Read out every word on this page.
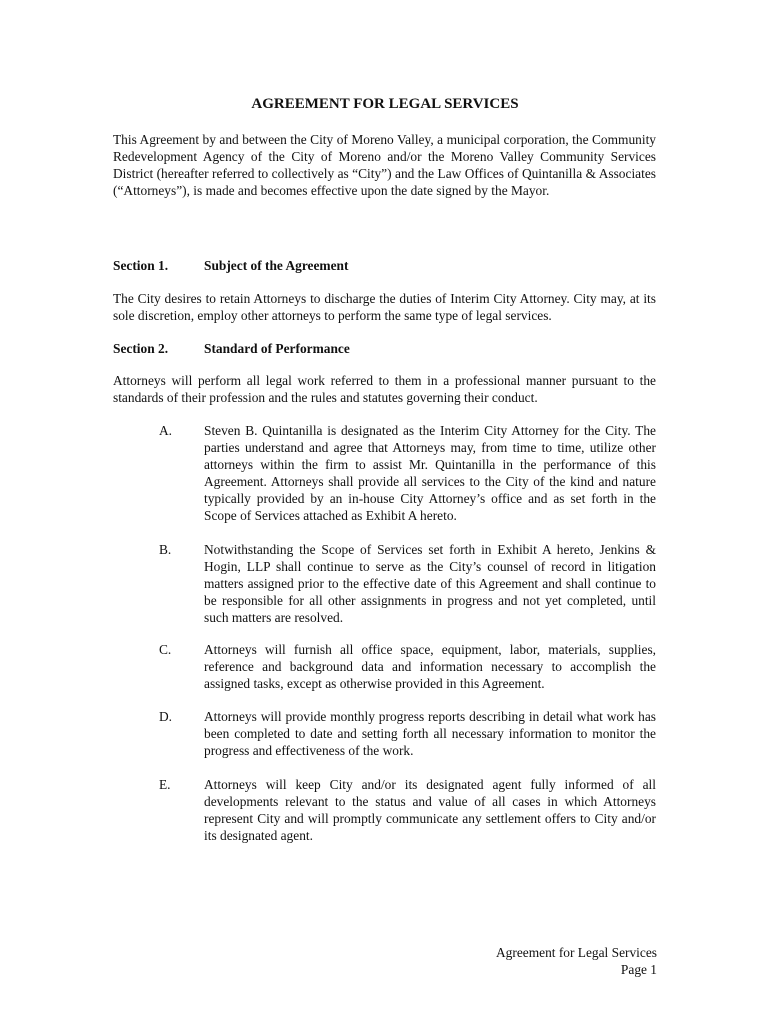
AGREEMENT FOR LEGAL SERVICES

This Agreement by and between the City of Moreno Valley, a municipal corporation, the Community Redevelopment Agency of the City of Moreno and/or the Moreno Valley Community Services District (hereafter referred to collectively as “City”) and the Law Offices of Quintanilla & Associates (“Attorneys”), is made and becomes effective upon the date signed by the Mayor.

Section 1.	Subject of the Agreement

The City desires to retain Attorneys to discharge the duties of Interim City Attorney. City may, at its sole discretion, employ other attorneys to perform the same type of legal services.

Section 2.	Standard of Performance

Attorneys will perform all legal work referred to them in a professional manner pursuant to the standards of their profession and the rules and statutes governing their conduct.

A. Steven B. Quintanilla is designated as the Interim City Attorney for the City. The parties understand and agree that Attorneys may, from time to time, utilize other attorneys within the firm to assist Mr. Quintanilla in the performance of this Agreement. Attorneys shall provide all services to the City of the kind and nature typically provided by an in-house City Attorney’s office and as set forth in the Scope of Services attached as Exhibit A hereto.
B. Notwithstanding the Scope of Services set forth in Exhibit A hereto, Jenkins & Hogin, LLP shall continue to serve as the City’s counsel of record in litigation matters assigned prior to the effective date of this Agreement and shall continue to be responsible for all other assignments in progress and not yet completed, until such matters are resolved.
C. Attorneys will furnish all office space, equipment, labor, materials, supplies, reference and background data and information necessary to accomplish the assigned tasks, except as otherwise provided in this Agreement.
D. Attorneys will provide monthly progress reports describing in detail what work has been completed to date and setting forth all necessary information to monitor the progress and effectiveness of the work.
E. Attorneys will keep City and/or its designated agent fully informed of all developments relevant to the status and value of all cases in which Attorneys represent City and will promptly communicate any settlement offers to City and/or its designated agent.
Agreement for Legal Services
Page 1
